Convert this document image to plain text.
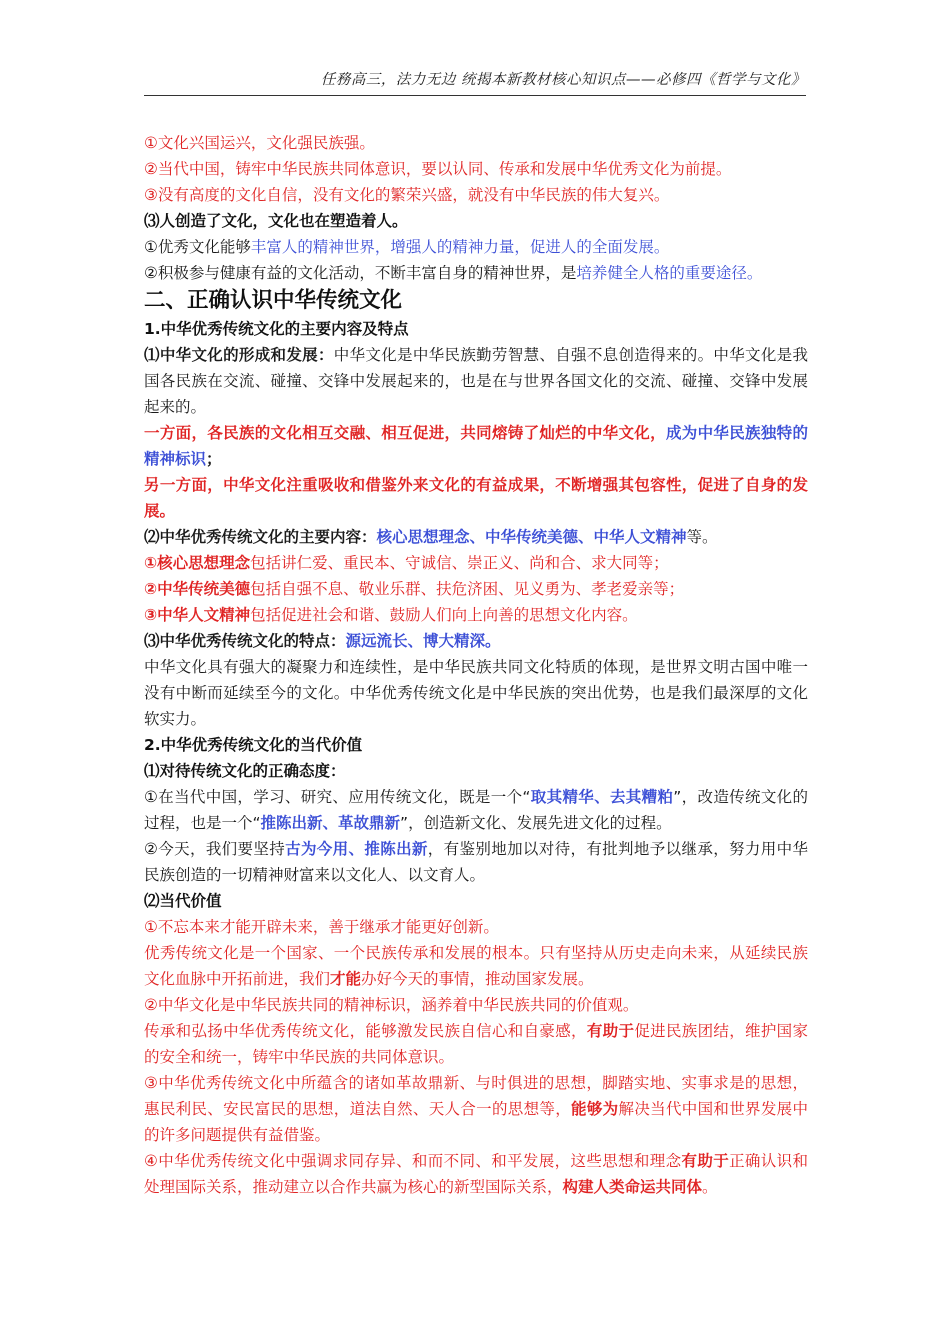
任務高三，法力无边 统揭本新教材核心知识点——必修四《哲学与文化》
①文化兴国运兴，文化强民族强。
②当代中国，铸牢中华民族共同体意识，要以认同、传承和发展中华优秀文化为前提。
③没有高度的文化自信，没有文化的繁荣兴盛，就没有中华民族的伟大复兴。
⑶人创造了文化，文化也在塑造着人。
①优秀文化能够丰富人的精神世界，增强人的精神力量，促进人的全面发展。
②积极参与健康有益的文化活动，不断丰富自身的精神世界，是培养健全人格的重要途径。
二、正确认识中华传统文化
1.中华优秀传统文化的主要内容及特点
⑴中华文化的形成和发展：中华文化是中华民族勤劳智慧、自强不息创造得来的。中华文化是我国各民族在交流、碰撞、交锋中发展起来的，也是在与世界各国文化的交流、碰撞、交锋中发展起来的。
一方面，各民族的文化相互交融、相互促进，共同熔铸了灿烂的中华文化，成为中华民族独特的精神标识；
另一方面，中华文化注重吸收和借鉴外来文化的有益成果，不断增强其包容性，促进了自身的发展。
⑵中华优秀传统文化的主要内容：核心思想理念、中华传统美德、中华人文精神等。
①核心思想理念包括讲仁爱、重民本、守诚信、崇正义、尚和合、求大同等；
②中华传统美德包括自强不息、敬业乐群、扶危济困、见义勇为、孝老爱亲等；
③中华人文精神包括促进社会和谐、鼓励人们向上向善的思想文化内容。
⑶中华优秀传统文化的特点：源远流长、博大精深。
中华文化具有强大的凝聚力和连续性，是中华民族共同文化特质的体现，是世界文明古国中唯一没有中断而延续至今的文化。中华优秀传统文化是中华民族的突出优势，也是我们最深厚的文化软实力。
2.中华优秀传统文化的当代价值
⑴对待传统文化的正确态度：
①在当代中国，学习、研究、应用传统文化，既是一个“取其精华、去其糟粕”，改造传统文化的过程，也是一个“推陈出新、革故鼎新”，创造新文化、发展先进文化的过程。
②今天，我们要坚持古为今用、推陈出新，有鉴别地加以对待，有批判地予以继承，努力用中华民族创造的一切精神财富来以文化人、以文育人。
⑵当代价值
①不忘本来才能开辟未来，善于继承才能更好创新。
优秀传统文化是一个国家、一个民族传承和发展的根本。只有坚持从历史走向未来，从延续民族文化血脉中开拓前进，我们才能办好今天的事情，推动国家发展。
②中华文化是中华民族共同的精神标识，涵养着中华民族共同的价值观。
传承和弘扬中华优秀传统文化，能够激发民族自信心和自豪感，有助于促进民族团结，维护国家的安全和统一，铸牢中华民族的共同体意识。
③中华优秀传统文化中所蕴含的诸如革故鼎新、与时俱进的思想，脚踏实地、实事求是的思想，惠民利民、安民富民的思想，道法自然、天人合一的思想等，能够为解决当代中国和世界发展中的许多问题提供有益借鉴。
④中华优秀传统文化中强调求同存异、和而不同、和平发展，这些思想和理念有助于正确认识和处理国际关系，推动建立以合作共赢为核心的新型国际关系，构建人类命运共同体。
